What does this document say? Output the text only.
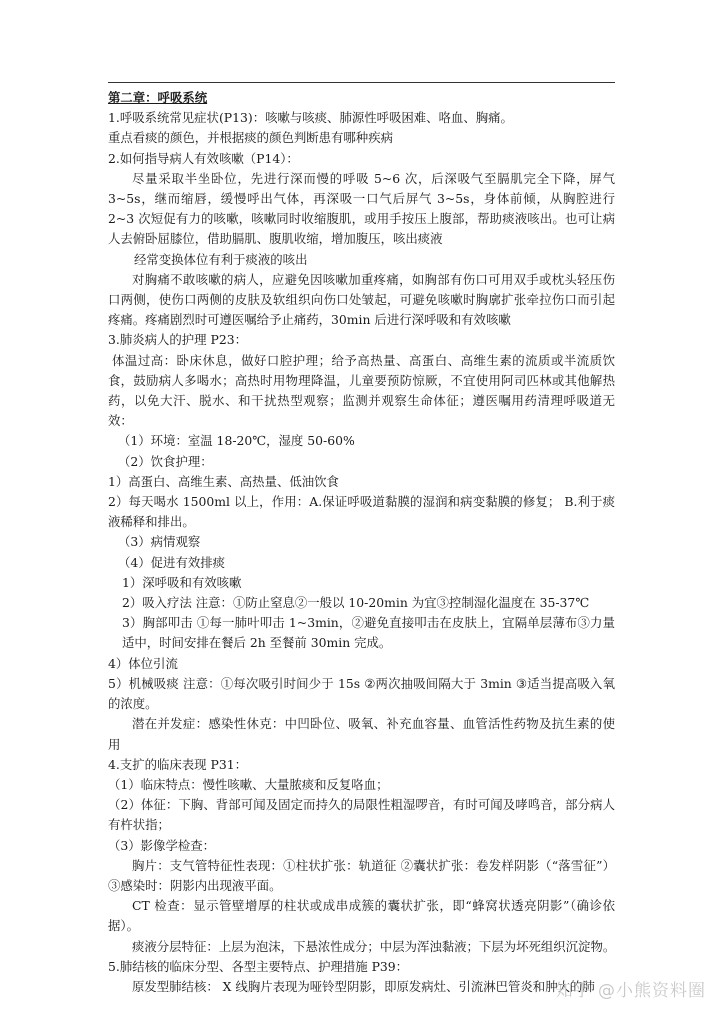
第二章：呼吸系统
1.呼吸系统常见症状(P13)：咳嗽与咳痰、肺源性呼吸困难、咯血、胸痛。
重点看痰的颜色，并根据痰的颜色判断患有哪种疾病
2.如何指导病人有效咳嗽（P14）：
尽量采取半坐卧位，先进行深而慢的呼吸 5~6 次，后深吸气至膈肌完全下降，屏气 3~5s，继而缩唇，缓慢呼出气体，再深吸一口气后屏气 3~5s，身体前倾，从胸腔进行 2~3 次短促有力的咳嗽，咳嗽同时收缩腹肌，或用手按压上腹部，帮助痰液咳出。也可让病人去俯卧屈膝位，借助膈肌、腹肌收缩，增加腹压，咳出痰液
经常变换体位有利于痰液的咳出
对胸痛不敢咳嗽的病人，应避免因咳嗽加重疼痛，如胸部有伤口可用双手或枕头轻压伤口两侧，使伤口两侧的皮肤及软组织向伤口处皱起，可避免咳嗽时胸廓扩张牵拉伤口而引起疼痛。疼痛剧烈时可遵医嘱给予止痛药，30min 后进行深呼吸和有效咳嗽
3.肺炎病人的护理 P23：
体温过高：卧床休息，做好口腔护理；给予高热量、高蛋白、高维生素的流质或半流质饮食，鼓励病人多喝水；高热时用物理降温，儿童要预防惊厥，不宜使用阿司匹林或其他解热药，以免大汗、脱水、和干扰热型观察；监测并观察生命体征；遵医嘱用药清理呼吸道无效：
（1）环境：室温 18-20℃，湿度 50-60%
（2）饮食护理：
1）高蛋白、高维生素、高热量、低油饮食
2）每天喝水 1500ml 以上，作用：A.保证呼吸道黏膜的湿润和病变黏膜的修复； B.利于痰液稀释和排出。
（3）病情观察
（4）促进有效排痰
1）深呼吸和有效咳嗽
2）吸入疗法 注意：①防止窒息②一般以 10-20min 为宜③控制湿化温度在 35-37℃
3）胸部叩击 ①每一肺叶叩击 1~3min，②避免直接叩击在皮肤上，宜隔单层薄布③力量适中，时间安排在餐后 2h 至餐前 30min 完成。
4）体位引流
5）机械吸痰 注意：①每次吸引时间少于 15s ②两次抽吸间隔大于 3min ③适当提高吸入氧的浓度。
潜在并发症：感染性休克：中凹卧位、吸氧、补充血容量、血管活性药物及抗生素的使用
4.支扩的临床表现 P31：
（1）临床特点：慢性咳嗽、大量脓痰和反复咯血；
（2）体征：下胸、背部可闻及固定而持久的局限性粗湿啰音，有时可闻及哮鸣音，部分病人有杵状指；
（3）影像学检查：
胸片：支气管特征性表现：①柱状扩张：轨道征 ②囊状扩张：卷发样阴影（“落雪征”）③感染时：阴影内出现液平面。
CT 检查：显示管壁增厚的柱状或成串成簇的囊状扩张，即“蜂窝状透亮阴影”（确诊依据）。
痰液分层特征：上层为泡沫，下悬浓性成分；中层为浑浊黏液；下层为坏死组织沉淀物。
5.肺结核的临床分型、各型主要特点、护理措施 P39：
原发型肺结核： X 线胸片表现为哑铃型阴影，即原发病灶、引流淋巴管炎和肿大的肺
知乎 @小熊资料圈
